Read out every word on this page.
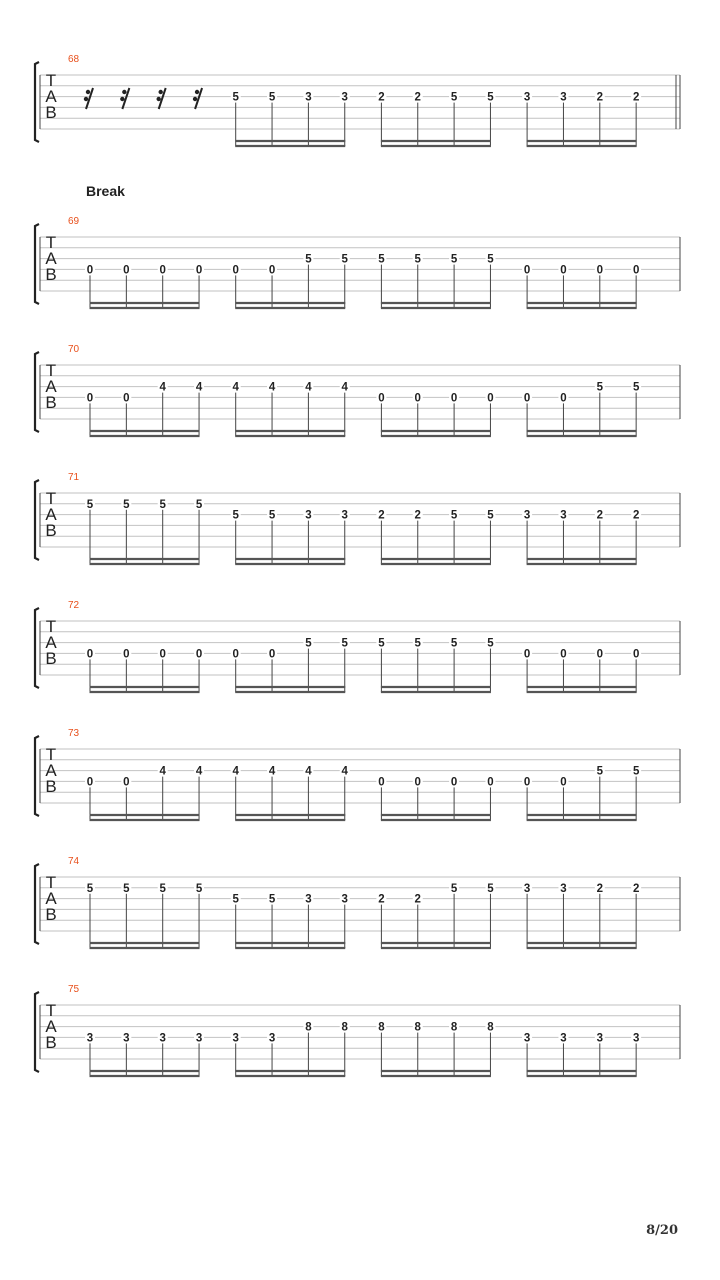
Break
68
T
A
B
5	5	3	3	2	2	5	5	3	3	2	2
69
T
A
B	0	0	0	0	0	0
5	5	5	5	5	5
0	0	0	0
70
T
A
B	0	0
4	4	4	4	4	4
0	0	0	0	0	0
5	5
71
T
A
B
5	5	5	5
5	5	3	3	2	2	5	5	3	3	2	2
72
T
A
B	0	0	0	0	0	0
5	5	5	5	5	5
0	0	0	0
73
T
A
B	0	0
4	4	4	4	4	4
0	0	0	0	0	0
5	5
74
T
A
B
5	5	5	5
5	5	3	3	2	2
5	5	3	3	2	2
75
T
A
B	3	3	3	3	3	3
8	8	8	8	8	8
3	3	3	3
8/20
